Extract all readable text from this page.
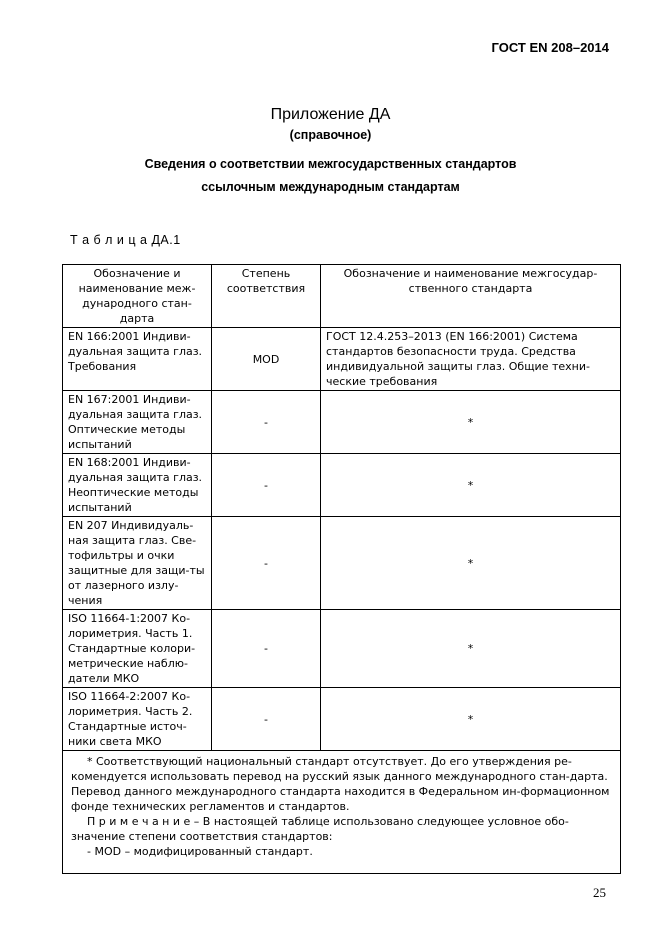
ГОСТ EN 208–2014
Приложение ДА
(справочное)
Сведения о соответствии межгосударственных стандартов
ссылочным международным стандартам
Т а б л и ц а ДА.1
Обозначение и наименование меж-дународного стан-дарта	Степень соответствия	Обозначение и наименование межгосудар-ственного стандарта
EN 166:2001 Индиви-дуальная защита глаз. Требования	MOD	ГОСТ 12.4.253–2013 (EN 166:2001) Система стандартов безопасности труда. Средства индивидуальной защиты глаз. Общие техни-ческие требования
EN 167:2001 Индиви-дуальная защита глаз. Оптические методы испытаний	-	*
EN 168:2001 Индиви-дуальная защита глаз. Неоптические методы испытаний	-	*
EN 207 Индивидуаль-ная защита глаз. Све-тофильтры и очки защитные для защи-ты от лазерного излу-чения	-	*
ISO 11664-1:2007 Ко-лориметрия. Часть 1. Стандартные колори-метрические наблю-датели МКО	-	*
ISO 11664-2:2007 Ко-лориметрия. Часть 2. Стандартные источ-ники света МКО	-	*

* Соответствующий национальный стандарт отсутствует. До его утверждения ре-комендуется использовать перевод на русский язык данного международного стан-дарта. Перевод данного международного стандарта находится в Федеральном ин-формационном фонде технических регламентов и стандартов.
П р и м е ч а н и е – В настоящей таблице использовано следующее условное обо-значение степени соответствия стандартов:
- MOD – модифицированный стандарт.		
25
